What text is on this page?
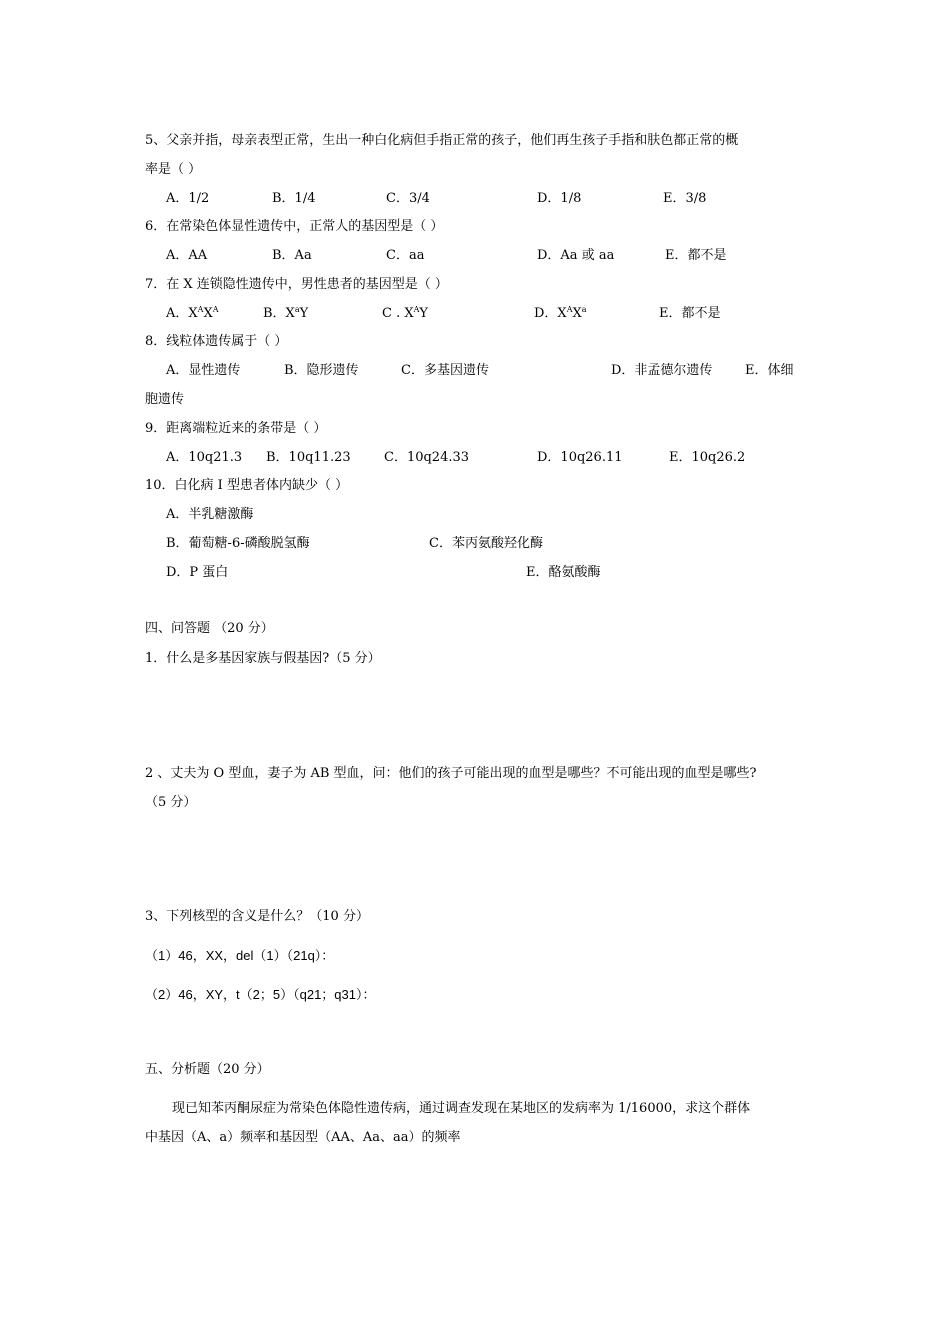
5、父亲并指，母亲表型正常，生出一种白化病但手指正常的孩子，他们再生孩子手指和肤色都正常的概
率是（ ）
A．1/2	B．1/4	C．3/4	D．1/8	E．3/8
6．在常染色体显性遗传中，正常人的基因型是（ ）
A．AA	B．Aa	C．aa	D．Aa 或 aa	E．都不是
7．在 X 连锁隐性遗传中，男性患者的基因型是（ ）
A．$X^AX^A$	B．$X^aY$	C . $X^AY$	D．$X^AX^a$	E．都不是
8．线粒体遗传属于（ ）
A．显性遗传	B．隐形遗传	C．多基因遗传	D．非孟德尔遗传	E．体细
胞遗传
9．距离端粒近来的条带是（ ）
A．10q21.3 B．10q11.23	C．10q24.33	D．10q26.11	E．10q26.2
10．白化病 I 型患者体内缺少（ ）
A．半乳糖激酶
B．葡萄糖-6-磷酸脱氢酶	C．苯丙氨酸羟化酶
D．P 蛋白	E．酪氨酸酶
四、问答题 （20 分）
1．什么是多基因家族与假基因?（5 分）
2 、丈夫为 O 型血，妻子为 AB 型血，问：他们的孩子可能出现的血型是哪些？不可能出现的血型是哪些?
（5 分）
3、下列核型的含义是什么？（10 分）
（1）46，XX，del（1）（21q）：
（2）46，XY，t（2；5）（q21；q31）：
五、分析题（20 分）
现已知苯丙酮尿症为常染色体隐性遗传病，通过调查发现在某地区的发病率为 1/16000，求这个群体
中基因（A、a）频率和基因型（AA、Aa、aa）的频率
